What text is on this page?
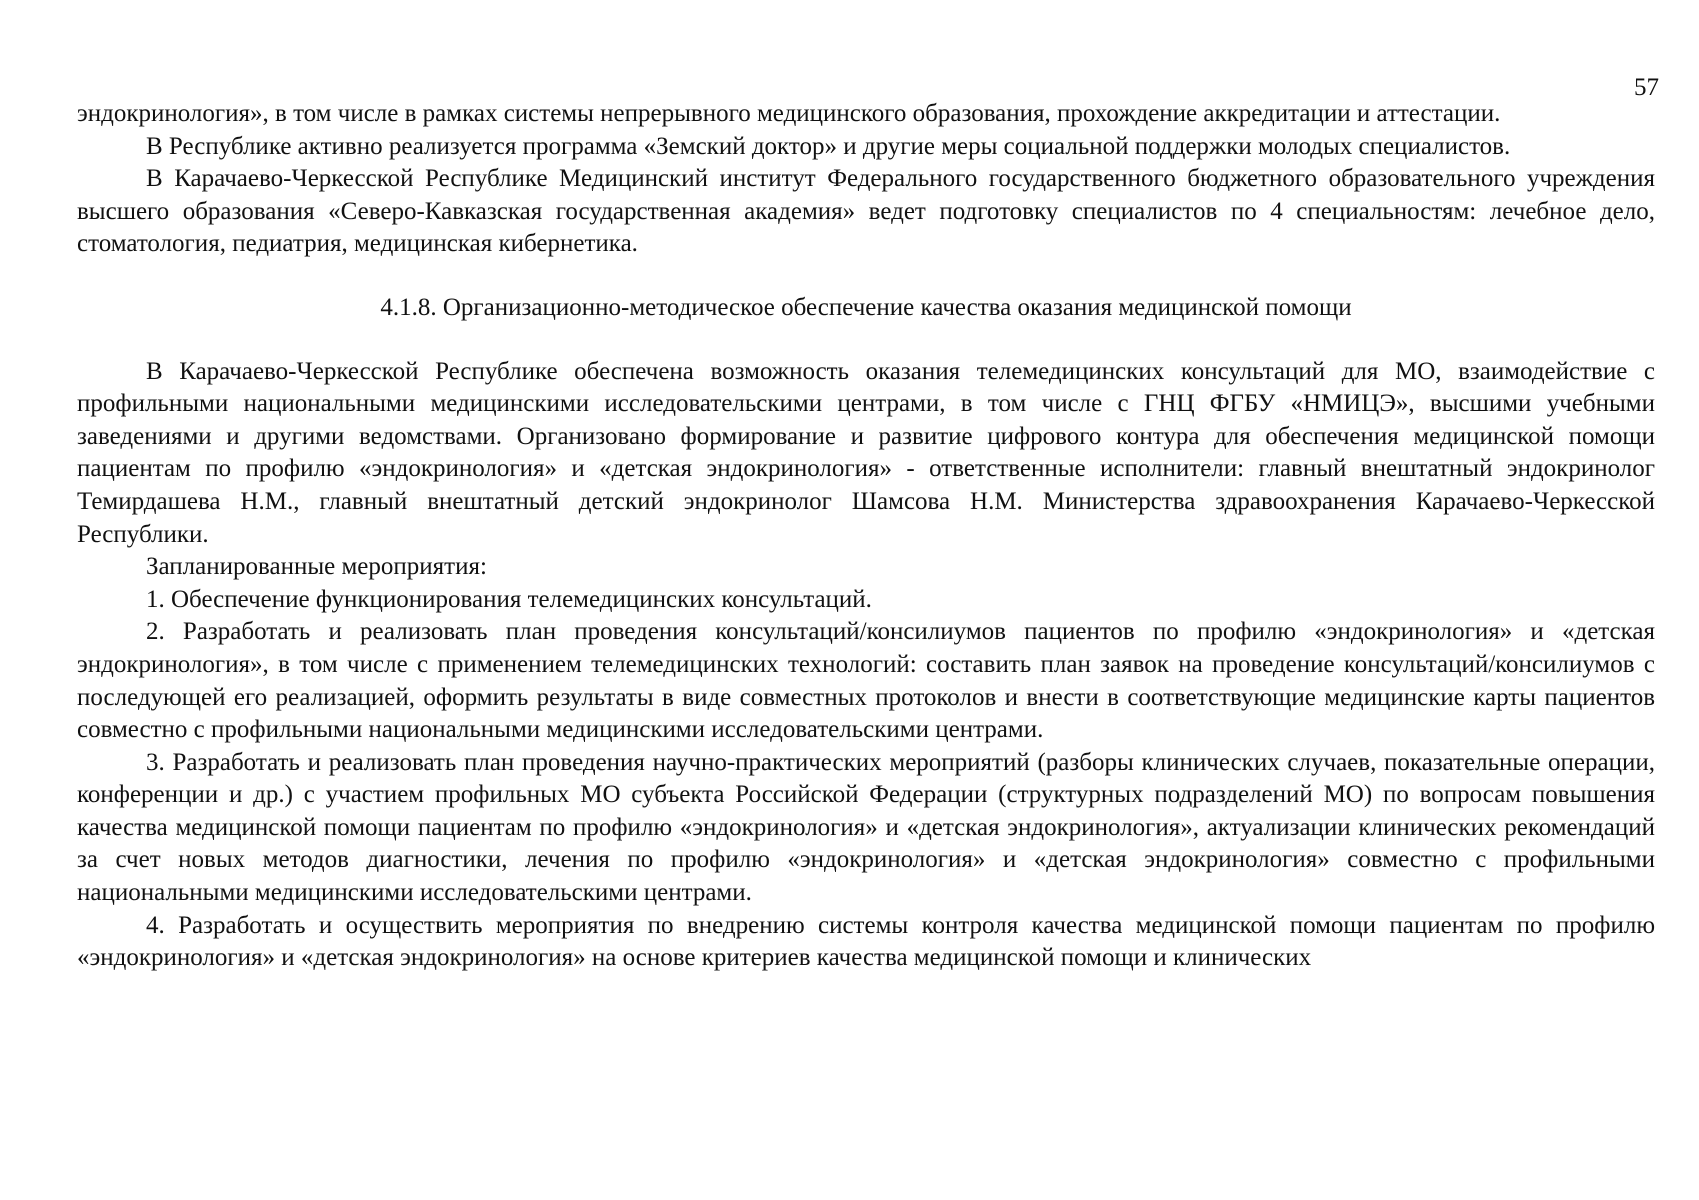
57

эндокринология», в том числе в рамках системы непрерывного медицинского образования, прохождение аккредитации и аттестации.

В Республике активно реализуется программа «Земский доктор» и другие меры социальной поддержки молодых специалистов.

В Карачаево-Черкесской Республике Медицинский институт Федерального государственного бюджетного образовательного учреждения высшего образования «Северо-Кавказская государственная академия» ведет подготовку специалистов по 4 специальностям: лечебное дело, стоматология, педиатрия, медицинская кибернетика.

4.1.8. Организационно-методическое обеспечение качества оказания медицинской помощи

В Карачаево-Черкесской Республике обеспечена возможность оказания телемедицинских консультаций для МО, взаимодействие с профильными национальными медицинскими исследовательскими центрами, в том числе с ГНЦ ФГБУ «НМИЦЭ», высшими учебными заведениями и другими ведомствами. Организовано формирование и развитие цифрового контура для обеспечения медицинской помощи пациентам по профилю «эндокринология» и «детская эндокринология» - ответственные исполнители: главный внештатный эндокринолог Темирдашева Н.М., главный внештатный детский эндокринолог Шамсова Н.М. Министерства здравоохранения Карачаево-Черкесской Республики.

Запланированные мероприятия:

1. Обеспечение функционирования телемедицинских консультаций.

2. Разработать и реализовать план проведения консультаций/консилиумов пациентов по профилю «эндокринология» и «детская эндокринология», в том числе с применением телемедицинских технологий: составить план заявок на проведение консультаций/консилиумов с последующей его реализацией, оформить результаты в виде совместных протоколов и внести в соответствующие медицинские карты пациентов совместно с профильными национальными медицинскими исследовательскими центрами.

3. Разработать и реализовать план проведения научно-практических мероприятий (разборы клинических случаев, показательные операции, конференции и др.) с участием профильных МО субъекта Российской Федерации (структурных подразделений МО) по вопросам повышения качества медицинской помощи пациентам по профилю «эндокринология» и «детская эндокринология», актуализации клинических рекомендаций за счет новых методов диагностики, лечения по профилю «эндокринология» и «детская эндокринология» совместно с профильными национальными медицинскими исследовательскими центрами.

4. Разработать и осуществить мероприятия по внедрению системы контроля качества медицинской помощи пациентам по профилю «эндокринология» и «детская эндокринология» на основе критериев качества медицинской помощи и клинических
